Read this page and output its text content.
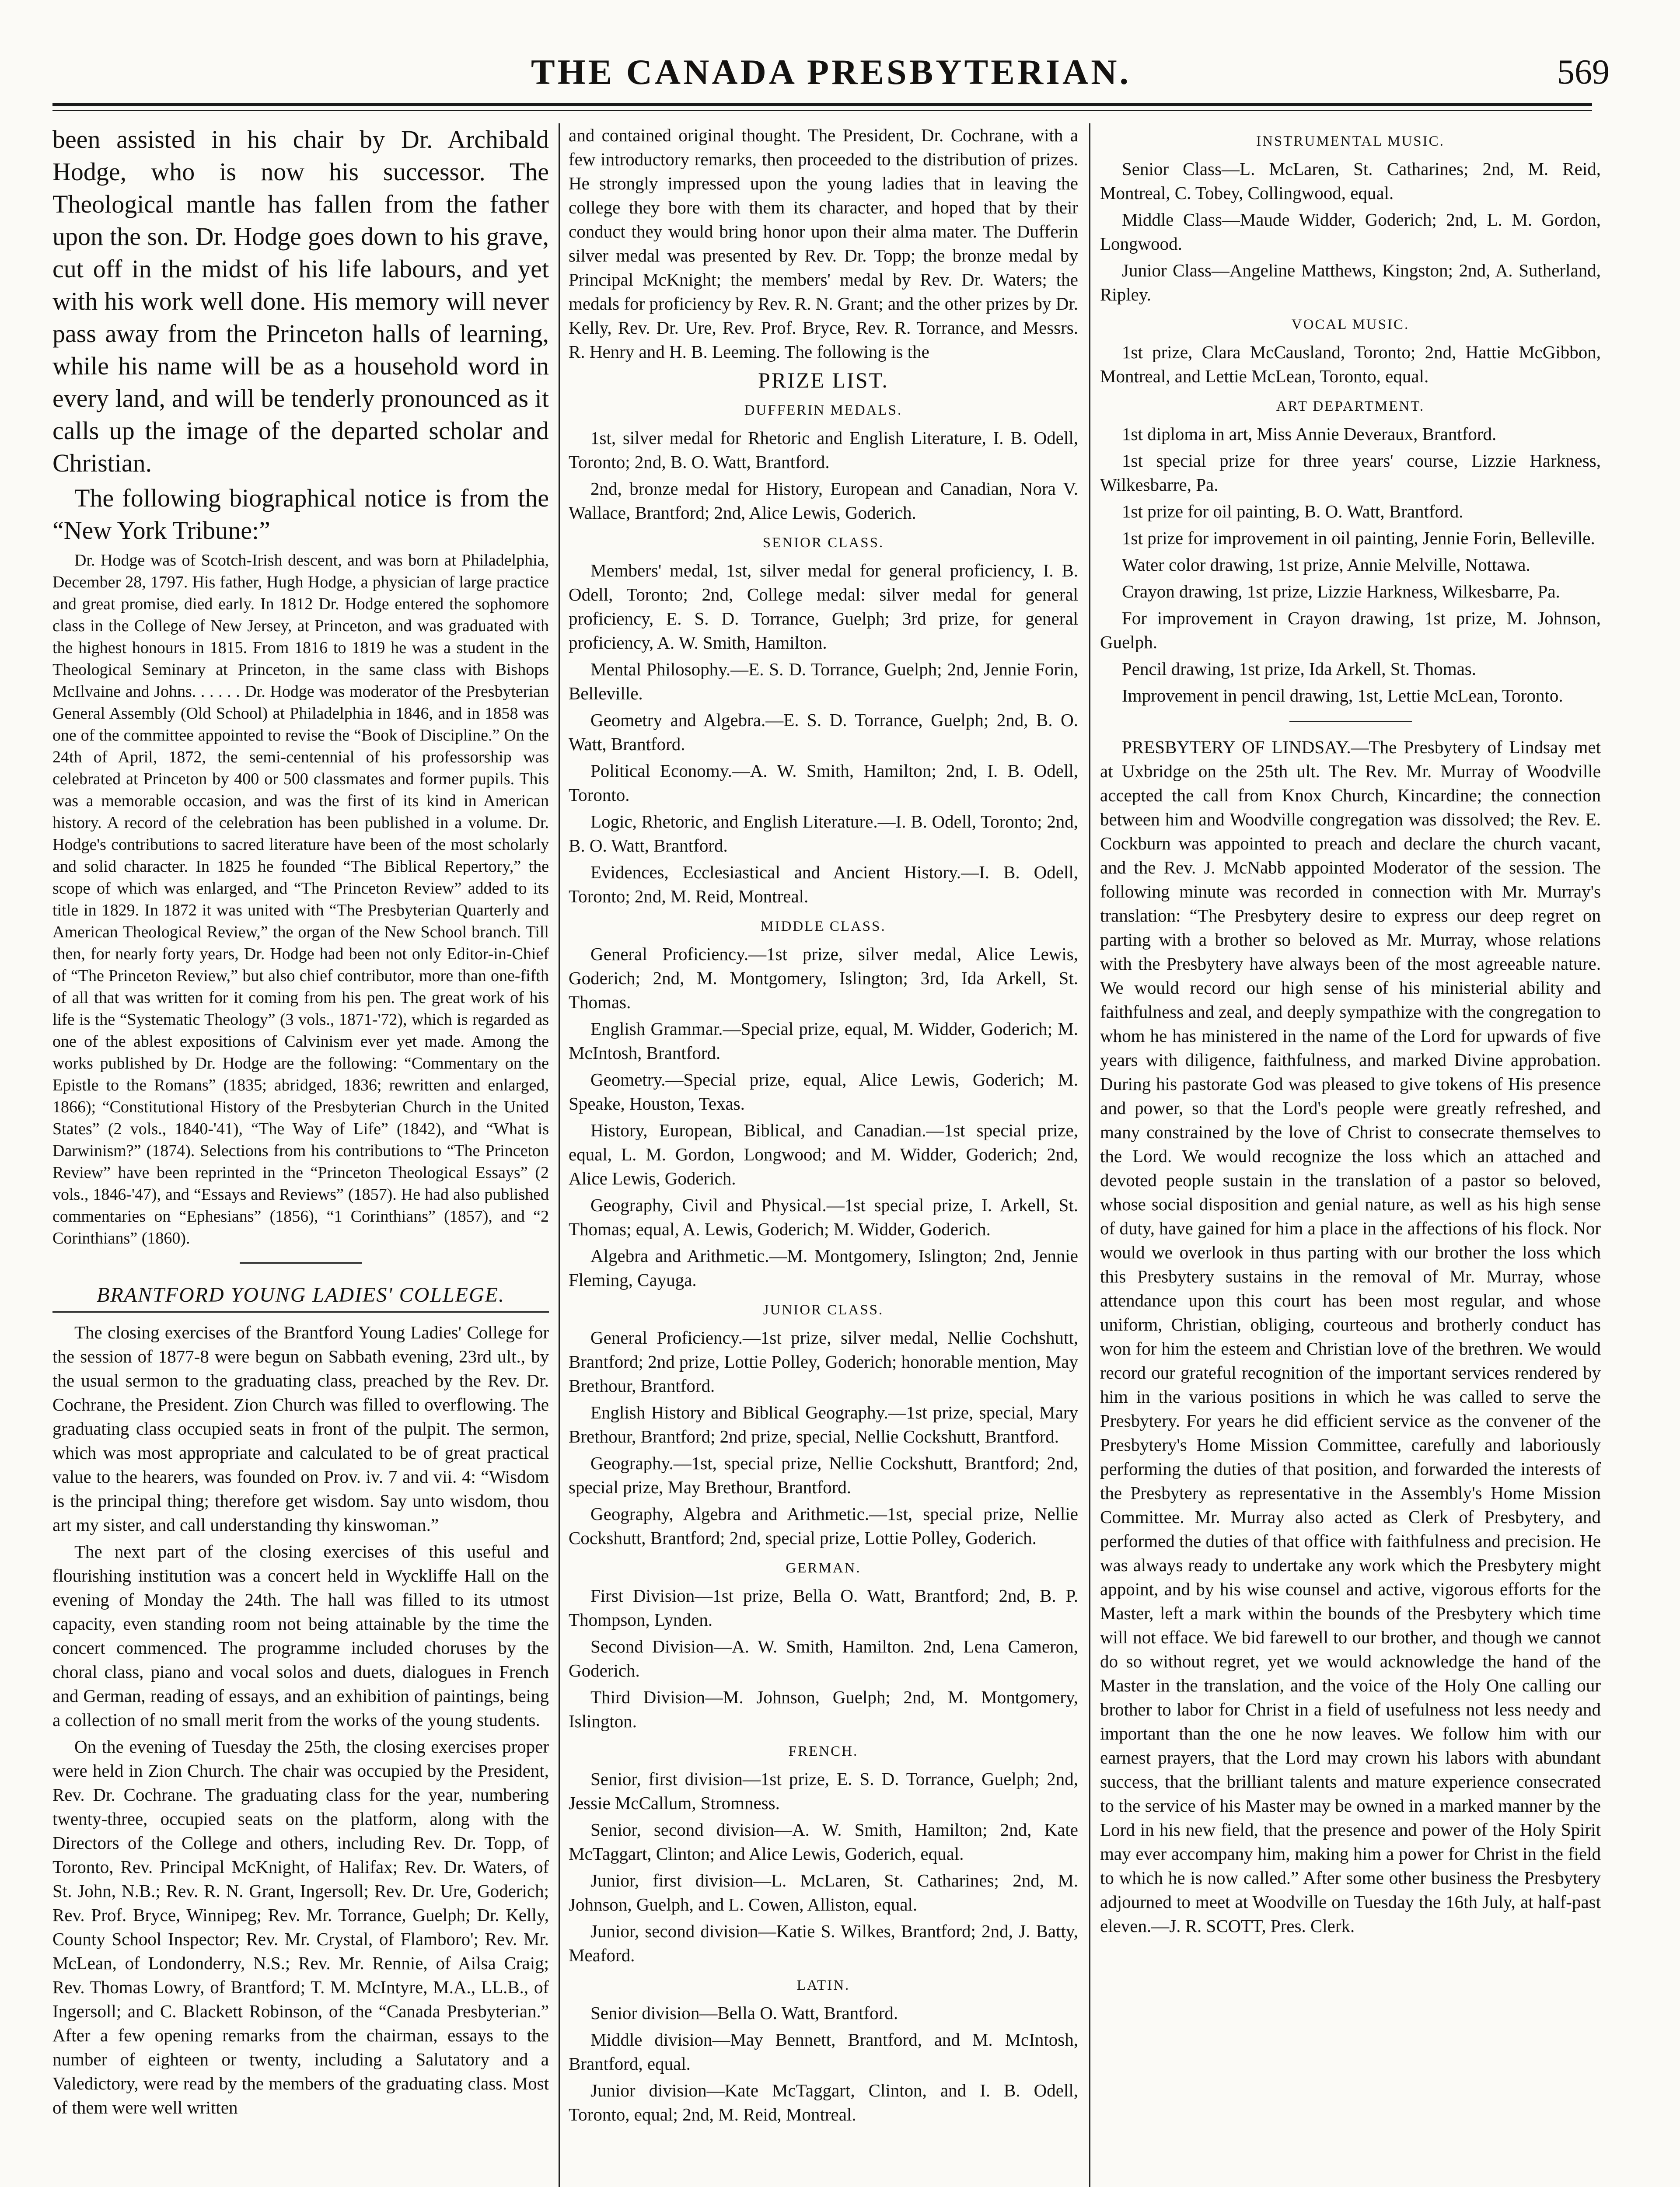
THE CANADA PRESBYTERIAN.	569

been assisted in his chair by Dr. Archibald Hodge, who is now his successor. The Theological mantle has fallen from the father upon the son. Dr. Hodge goes down to his grave, cut off in the midst of his life labours, and yet with his work well done. His memory will never pass away from the Princeton halls of learning, while his name will be as a household word in every land, and will be tenderly pronounced as it calls up the image of the departed scholar and Christian.

The following biographical notice is from the “New York Tribune:”

Dr. Hodge was of Scotch-Irish descent, and was born at Philadelphia, December 28, 1797. His father, Hugh Hodge, a physician of large practice and great promise, died early. In 1812 Dr. Hodge entered the sophomore class in the College of New Jersey, at Princeton, and was graduated with the highest honours in 1815. From 1816 to 1819 he was a student in the Theological Seminary at Princeton, in the same class with Bishops McIlvaine and Johns. . . . . . Dr. Hodge was moderator of the Presbyterian General Assembly (Old School) at Philadelphia in 1846, and in 1858 was one of the committee appointed to revise the “Book of Discipline.” On the 24th of April, 1872, the semi-centennial of his professorship was celebrated at Princeton by 400 or 500 classmates and former pupils. This was a memorable occasion, and was the first of its kind in American history. A record of the celebration has been published in a volume. Dr. Hodge's contributions to sacred literature have been of the most scholarly and solid character. In 1825 he founded “The Biblical Repertory,” the scope of which was enlarged, and “The Princeton Review” added to its title in 1829. In 1872 it was united with “The Presbyterian Quarterly and American Theological Review,” the organ of the New School branch. Till then, for nearly forty years, Dr. Hodge had been not only Editor-in-Chief of “The Princeton Review,” but also chief contributor, more than one-fifth of all that was written for it coming from his pen. The great work of his life is the “Systematic Theology” (3 vols., 1871-'72), which is regarded as one of the ablest expositions of Calvinism ever yet made. Among the works published by Dr. Hodge are the following: “Commentary on the Epistle to the Romans” (1835; abridged, 1836; rewritten and enlarged, 1866); “Constitutional History of the Presbyterian Church in the United States” (2 vols., 1840-'41), “The Way of Life” (1842), and “What is Darwinism?” (1874). Selections from his contributions to “The Princeton Review” have been reprinted in the “Princeton Theological Essays” (2 vols., 1846-'47), and “Essays and Reviews” (1857). He had also published commentaries on “Ephesians” (1856), “1 Corinthians” (1857), and “2 Corinthians” (1860).

BRANTFORD YOUNG LADIES' COLLEGE.

The closing exercises of the Brantford Young Ladies' College for the session of 1877-8 were begun on Sabbath evening, 23rd ult., by the usual sermon to the graduating class, preached by the Rev. Dr. Cochrane, the President. Zion Church was filled to overflowing. The graduating class occupied seats in front of the pulpit. The sermon, which was most appropriate and calculated to be of great practical value to the hearers, was founded on Prov. iv. 7 and vii. 4: “Wisdom is the principal thing; therefore get wisdom. Say unto wisdom, thou art my sister, and call understanding thy kinswoman.”

The next part of the closing exercises of this useful and flourishing institution was a concert held in Wyckliffe Hall on the evening of Monday the 24th. The hall was filled to its utmost capacity, even standing room not being attainable by the time the concert commenced. The programme included choruses by the choral class, piano and vocal solos and duets, dialogues in French and German, reading of essays, and an exhibition of paintings, being a collection of no small merit from the works of the young students.

On the evening of Tuesday the 25th, the closing exercises proper were held in Zion Church. The chair was occupied by the President, Rev. Dr. Cochrane. The graduating class for the year, numbering twenty-three, occupied seats on the platform, along with the Directors of the College and others, including Rev. Dr. Topp, of Toronto, Rev. Principal McKnight, of Halifax; Rev. Dr. Waters, of St. John, N.B.; Rev. R. N. Grant, Ingersoll; Rev. Dr. Ure, Goderich; Rev. Prof. Bryce, Winnipeg; Rev. Mr. Torrance, Guelph; Dr. Kelly, County School Inspector; Rev. Mr. Crystal, of Flamboro'; Rev. Mr. McLean, of Londonderry, N.S.; Rev. Mr. Rennie, of Ailsa Craig; Rev. Thomas Lowry, of Brantford; T. M. McIntyre, M.A., LL.B., of Ingersoll; and C. Blackett Robinson, of the “Canada Presbyterian.” After a few opening remarks from the chairman, essays to the number of eighteen or twenty, including a Salutatory and a Valedictory, were read by the members of the graduating class. Most of them were well written

and contained original thought. The President, Dr. Cochrane, with a few introductory remarks, then proceeded to the distribution of prizes. He strongly impressed upon the young ladies that in leaving the college they bore with them its character, and hoped that by their conduct they would bring honor upon their alma mater. The Dufferin silver medal was presented by Rev. Dr. Topp; the bronze medal by Principal McKnight; the members' medal by Rev. Dr. Waters; the medals for proficiency by Rev. R. N. Grant; and the other prizes by Dr. Kelly, Rev. Dr. Ure, Rev. Prof. Bryce, Rev. R. Torrance, and Messrs. R. Henry and H. B. Leeming. The following is the

PRIZE LIST.
DUFFERIN MEDALS.

1st, silver medal for Rhetoric and English Literature, I. B. Odell, Toronto; 2nd, B. O. Watt, Brantford.

2nd, bronze medal for History, European and Canadian, Nora V. Wallace, Brantford; 2nd, Alice Lewis, Goderich.

SENIOR CLASS.

Members' medal, 1st, silver medal for general proficiency, I. B. Odell, Toronto; 2nd, College medal: silver medal for general proficiency, E. S. D. Torrance, Guelph; 3rd prize, for general proficiency, A. W. Smith, Hamilton.

Mental Philosophy.—E. S. D. Torrance, Guelph; 2nd, Jennie Forin, Belleville.

Geometry and Algebra.—E. S. D. Torrance, Guelph; 2nd, B. O. Watt, Brantford.

Political Economy.—A. W. Smith, Hamilton; 2nd, I. B. Odell, Toronto.

Logic, Rhetoric, and English Literature.—I. B. Odell, Toronto; 2nd, B. O. Watt, Brantford.

Evidences, Ecclesiastical and Ancient History.—I. B. Odell, Toronto; 2nd, M. Reid, Montreal.

MIDDLE CLASS.

General Proficiency.—1st prize, silver medal, Alice Lewis, Goderich; 2nd, M. Montgomery, Islington; 3rd, Ida Arkell, St. Thomas.

English Grammar.—Special prize, equal, M. Widder, Goderich; M. McIntosh, Brantford.

Geometry.—Special prize, equal, Alice Lewis, Goderich; M. Speake, Houston, Texas.

History, European, Biblical, and Canadian.—1st special prize, equal, L. M. Gordon, Longwood; and M. Widder, Goderich; 2nd, Alice Lewis, Goderich.

Geography, Civil and Physical.—1st special prize, I. Arkell, St. Thomas; equal, A. Lewis, Goderich; M. Widder, Goderich.

Algebra and Arithmetic.—M. Montgomery, Islington; 2nd, Jennie Fleming, Cayuga.

JUNIOR CLASS.

General Proficiency.—1st prize, silver medal, Nellie Cochshutt, Brantford; 2nd prize, Lottie Polley, Goderich; honorable mention, May Brethour, Brantford.

English History and Biblical Geography.—1st prize, special, Mary Brethour, Brantford; 2nd prize, special, Nellie Cockshutt, Brantford.

Geography.—1st, special prize, Nellie Cockshutt, Brantford; 2nd, special prize, May Brethour, Brantford.

Geography, Algebra and Arithmetic.—1st, special prize, Nellie Cockshutt, Brantford; 2nd, special prize, Lottie Polley, Goderich.

GERMAN.

First Division—1st prize, Bella O. Watt, Brantford; 2nd, B. P. Thompson, Lynden.

Second Division—A. W. Smith, Hamilton. 2nd, Lena Cameron, Goderich.

Third Division—M. Johnson, Guelph; 2nd, M. Montgomery, Islington.

FRENCH.

Senior, first division—1st prize, E. S. D. Torrance, Guelph; 2nd, Jessie McCallum, Stromness.

Senior, second division—A. W. Smith, Hamilton; 2nd, Kate McTaggart, Clinton; and Alice Lewis, Goderich, equal.

Junior, first division—L. McLaren, St. Catharines; 2nd, M. Johnson, Guelph, and L. Cowen, Alliston, equal.

Junior, second division—Katie S. Wilkes, Brantford; 2nd, J. Batty, Meaford.

LATIN.

Senior division—Bella O. Watt, Brantford.

Middle division—May Bennett, Brantford, and M. McIntosh, Brantford, equal.

Junior division—Kate McTaggart, Clinton, and I. B. Odell, Toronto, equal; 2nd, M. Reid, Montreal.

INSTRUMENTAL MUSIC.

Senior Class—L. McLaren, St. Catharines; 2nd, M. Reid, Montreal, C. Tobey, Collingwood, equal.

Middle Class—Maude Widder, Goderich; 2nd, L. M. Gordon, Longwood.

Junior Class—Angeline Matthews, Kingston; 2nd, A. Sutherland, Ripley.

VOCAL MUSIC.

1st prize, Clara McCausland, Toronto; 2nd, Hattie McGibbon, Montreal, and Lettie McLean, Toronto, equal.

ART DEPARTMENT.

1st diploma in art, Miss Annie Deveraux, Brantford.

1st special prize for three years' course, Lizzie Harkness, Wilkesbarre, Pa.

1st prize for oil painting, B. O. Watt, Brantford.

1st prize for improvement in oil painting, Jennie Forin, Belleville.

Water color drawing, 1st prize, Annie Melville, Nottawa.

Crayon drawing, 1st prize, Lizzie Harkness, Wilkesbarre, Pa.

For improvement in Crayon drawing, 1st prize, M. Johnson, Guelph.

Pencil drawing, 1st prize, Ida Arkell, St. Thomas.

Improvement in pencil drawing, 1st, Lettie McLean, Toronto.

PRESBYTERY OF LINDSAY.—The Presbytery of Lindsay met at Uxbridge on the 25th ult. The Rev. Mr. Murray of Woodville accepted the call from Knox Church, Kincardine; the connection between him and Woodville congregation was dissolved; the Rev. E. Cockburn was appointed to preach and declare the church vacant, and the Rev. J. McNabb appointed Moderator of the session. The following minute was recorded in connection with Mr. Murray's translation: “The Presbytery desire to express our deep regret on parting with a brother so beloved as Mr. Murray, whose relations with the Presbytery have always been of the most agreeable nature. We would record our high sense of his ministerial ability and faithfulness and zeal, and deeply sympathize with the congregation to whom he has ministered in the name of the Lord for upwards of five years with diligence, faithfulness, and marked Divine approbation. During his pastorate God was pleased to give tokens of His presence and power, so that the Lord's people were greatly refreshed, and many constrained by the love of Christ to consecrate themselves to the Lord. We would recognize the loss which an attached and devoted people sustain in the translation of a pastor so beloved, whose social disposition and genial nature, as well as his high sense of duty, have gained for him a place in the affections of his flock. Nor would we overlook in thus parting with our brother the loss which this Presbytery sustains in the removal of Mr. Murray, whose attendance upon this court has been most regular, and whose uniform, Christian, obliging, courteous and brotherly conduct has won for him the esteem and Christian love of the brethren. We would record our grateful recognition of the important services rendered by him in the various positions in which he was called to serve the Presbytery. For years he did efficient service as the convener of the Presbytery's Home Mission Committee, carefully and laboriously performing the duties of that position, and forwarded the interests of the Presbytery as representative in the Assembly's Home Mission Committee. Mr. Murray also acted as Clerk of Presbytery, and performed the duties of that office with faithfulness and precision. He was always ready to undertake any work which the Presbytery might appoint, and by his wise counsel and active, vigorous efforts for the Master, left a mark within the bounds of the Presbytery which time will not efface. We bid farewell to our brother, and though we cannot do so without regret, yet we would acknowledge the hand of the Master in the translation, and the voice of the Holy One calling our brother to labor for Christ in a field of usefulness not less needy and important than the one he now leaves. We follow him with our earnest prayers, that the Lord may crown his labors with abundant success, that the brilliant talents and mature experience consecrated to the service of his Master may be owned in a marked manner by the Lord in his new field, that the presence and power of the Holy Spirit may ever accompany him, making him a power for Christ in the field to which he is now called.” After some other business the Presbytery adjourned to meet at Woodville on Tuesday the 16th July, at half-past eleven.—J. R. SCOTT, Pres. Clerk.
